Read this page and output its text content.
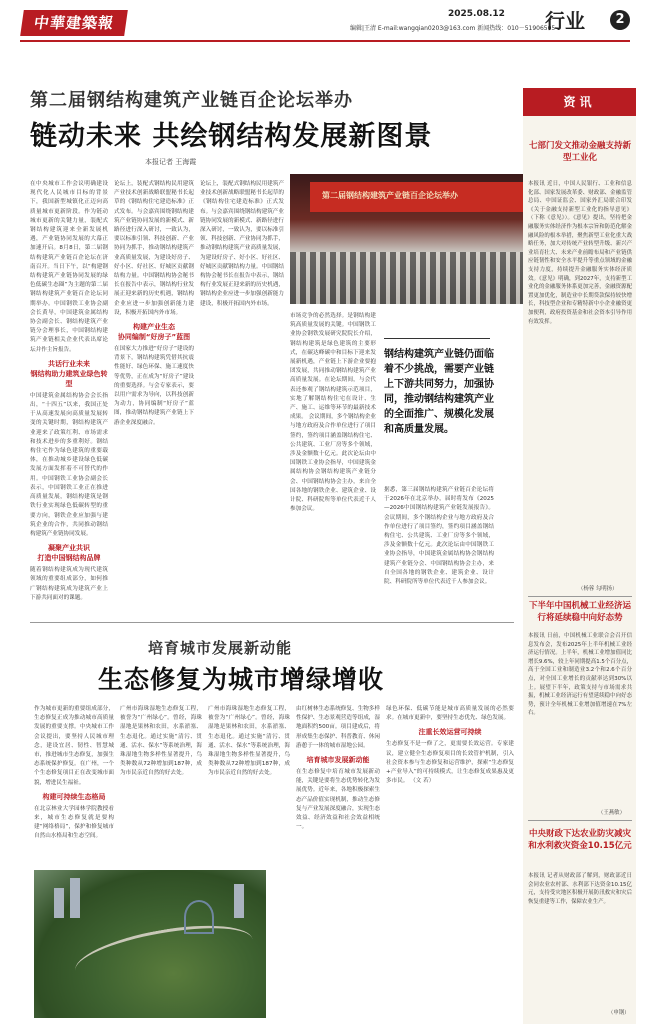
中華建築報	2025.08.12
编辑|王清 E-mail:wangqian0203@163.com 新闻热线：010－51906505
行业	2
第二届钢结构建筑产业链百企论坛举办
链动未来 共绘钢结构发展新图景
本报记者 王海霞
在中央城市工作会议明确建设现代化人民城市目标的背景下，我国新型城镇化正迈向高质量城市更新阶段。作为链动城市更新的关键力量，装配式钢结构建筑迎来全新发展机遇，产业链协同发展的大幕正加速开启。8月8日，第二届钢结构建筑产业链百企论坛在济南召开。当日下午，以“构建钢结构建筑产业链协同发展的绿色低碳生态圈”为主题的第二届钢结构建筑产业链百企论坛同期举办。中国钢铁工业协会副会长黄导，中国建筑金属结构协会副会长、钢结构建筑产业链分会理事长，中国钢结构建筑产业链相关企业代表出席论坛并作主旨报告。
共话行业未来
钢结构助力建筑业绿色转型
中国建筑金属结构协会会长指出，“十四五”以来，我国正处于从高速发展向高质量发展转变的关键时期，钢结构建筑产业迎来了政策红利、市场需求和技术进步的多重利好。钢结构住宅作为绿色建筑的重要载体，在推动城乡建设绿色低碳发展方面发挥着不可替代的作用。中国钢铁工业协会副会长表示，中国钢铁工业正在推进高质量发展，钢结构建筑是钢铁行业实现绿色低碳转型的重要方向，钢铁企业应加强与建筑企业的合作，共同推动钢结构建筑产业链协同发展。
凝聚产业共识
打造中国钢结构品牌
随着钢结构建筑成为现代建筑领域的重要组成部分，如何推广钢结构建筑成为建筑产业上下游共同面对的课题。
论坛上，装配式钢结构民用建筑产业技术创新战略联盟秘书长起草的《钢结构住宅建造标准》正式发布。与会嘉宾围绕钢结构建筑产业链协同发展的新模式、新路径进行深入研讨，一致认为，要以标准引领、科技创新、产业协同为抓手，推动钢结构建筑产业高质量发展，为建设好房子、好小区、好社区、好城区贡献钢结构力量。中国钢结构协会秘书长在报告中表示，钢结构行业发展正迎来新的历史机遇，钢结构企业应进一步加强创新能力建设，积极开拓国内外市场。
构建产业生态
协同编制“好房子”蓝图
在国家大力推进“好房子”建设的背景下，钢结构建筑凭借其抗震性能好、绿色环保、施工速度快等优势，正在成为“好房子”建设的重要选择。与会专家表示，要以用户需求为导向，以科技创新为动力，协同编制“好房子”蓝图，推动钢结构建筑产业链上下游企业深度融合。
论坛上，装配式钢结构民用建筑产业技术创新战略联盟秘书长起草的《钢结构住宅建造标准》正式发布。与会嘉宾围绕钢结构建筑产业链协同发展的新模式、新路径进行深入研讨，一致认为，要以标准引领、科技创新、产业协同为抓手，推动钢结构建筑产业高质量发展，为建设好房子、好小区、好社区、好城区贡献钢结构力量。中国钢结构协会秘书长在报告中表示，钢结构行业发展正迎来新的历史机遇，钢结构企业应进一步加强创新能力建设，积极开拓国内外市场。
第二届钢结构建筑产业链百企论坛举办
市场竞争的必然选择。是钢结构建筑高质量发展的关键。中国钢铁工业协会钢铁发展研究院院长介绍，钢结构建筑是绿色建筑的主要形式，在碳达峰碳中和目标下迎来发展新机遇，产业链上下游企业要抱团发展，共同推动钢结构建筑产业高质量发展。在论坛期间，与会代表还参观了钢结构建筑示范项目，实地了解钢结构住宅在设计、生产、施工、运维等环节的最新技术成果。 会议期间，多个钢结构企业与地方政府及合作单位进行了项目签约，签约项目涵盖钢结构住宅、公共建筑、工业厂房等多个领域，涉及金额数十亿元。此次论坛由中国钢铁工业协会指导，中国建筑金属结构协会钢结构建筑产业链分会、中国钢结构协会主办，来自全国各地的钢铁企业、建筑企业、设计院、科研院所等单位代表近千人参加会议。
钢结构建筑产业链仍面临着不少挑战，需要产业链上下游共同努力，加强协同，推动钢结构建筑产业的全面推广、规模化发展和高质量发展。
据悉，第三届钢结构建筑产业链百企论坛将于2026年在北京举办，届时将发布《2025—2026中国钢结构建筑产业链发展报告》。 会议期间，多个钢结构企业与地方政府及合作单位进行了项目签约，签约项目涵盖钢结构住宅、公共建筑、工业厂房等多个领域，涉及金额数十亿元。此次论坛由中国钢铁工业协会指导，中国建筑金属结构协会钢结构建筑产业链分会、中国钢结构协会主办，来自全国各地的钢铁企业、建筑企业、设计院、科研院所等单位代表近千人参加会议。
培育城市发展新动能
生态修复为城市增绿增收
作为城市更新的重要组成部分，生态修复正成为推动城市高质量发展的重要支撑。中央城市工作会议提出，要坚持人民城市理念，建设宜居、韧性、智慧城市，推进城市生态修复，加强生态系统保护修复。在广州，一个个生态修复项目正在改变城市面貌，增进民生福祉。
构建可持续生态格局
在北京林业大学园林学院教授看来，城市生态修复就是要构建“网络格局”，保护和修复城市自然山水格局和生态空间。
广州市海珠湿地生态修复工程，被誉为“广州绿心”。曾经，海珠湿地是果林和农田，水系淤塞、生态退化。通过实施“清污、贯通、活水、保水”等系统治理，海珠湿地生物多样性显著提升，鸟类种数从72种增加到187种，成为市民亲近自然的好去处。
广州市海珠湿地生态修复工程，被誉为“广州绿心”。曾经，海珠湿地是果林和农田，水系淤塞、生态退化。通过实施“清污、贯通、活水、保水”等系统治理，海珠湿地生物多样性显著提升，鸟类种数从72种增加到187种，成为市民亲近自然的好去处。
由红树林生态系统修复、生物多样性保护、生态景观营造等组成，湿地面积约500亩。项目建成后，将形成集生态保护、科普教育、休闲游憩于一体的城市湿地公园。
培育城市发展新动能
在生态修复中培育城市发展新动能，关键是要将生态优势转化为发展优势。近年来，各地积极探索生态产品价值实现机制，推动生态修复与产业发展深度融合，实现生态效益、经济效益和社会效益相统一。
绿色环保、低碳节能是城市高质量发展的必然要求。在城市更新中，要坚持生态优先、绿色发展。
注重长效运营可持续
生态修复不是一修了之，更需要长效运营。专家建议，建立健全生态修复项目的长效管护机制，引入社会资本参与生态修复和运营维护，探索“生态修复+产业导入”的可持续模式，让生态修复成果惠及更多市民。 （文 若）
资讯
七部门发文推动金融支持新型工业化
本报讯 近日，中国人民银行、工业和信息化部、国家发展改革委、财政部、金融监管总局、中国证监会、国家外汇局联合印发《关于金融支持新型工业化的指导意见》（下称《意见》）。《意见》提出，坚持把金融服务实体经济作为根本宗旨和防范化解金融风险的根本举措，聚焦新型工业化重大战略任务，加大对传统产业转型升级、新兴产业培育壮大、未来产业前瞻布局和产业链供应链韧性和安全水平提升等重点领域的金融支持力度，持续提升金融服务实体经济质效。《意见》明确，到2027年，支持新型工业化的金融服务体系更加完善，金融资源配置更加优化，制造业中长期贷款保持较快增长，科技型企业和专精特新中小企业融资更加便利，政府投资基金和社会资本引导作用有效发挥。
（杨蓉 勾明扬）
下半年中国机械工业经济运行将延续稳中向好态势
本报讯 日前，中国机械工业联合会召开信息发布会，发布2025年上半年机械工业经济运行情况。上半年，机械工业增加值同比增长9.6%，较上年同期提高1.5个百分点，高于全国工业和制造业3.2个和2.6个百分点，对全国工业增长的贡献率达到30%以上。展望下半年，政策支持与市场需求共振，机械工业经济运行有望延续稳中向好态势，预计全年机械工业增加值增速在7%左右。
（王燕敏）
中央财政下达农业防灾减灾和水利救灾资金10.15亿元
本报讯 记者从财政部了解到，财政部近日会同农业农村部、水利部下达资金10.15亿元，支持受灾地区积极开展防汛救灾和灾后恢复重建等工作，保障农业生产。
（申钢）
